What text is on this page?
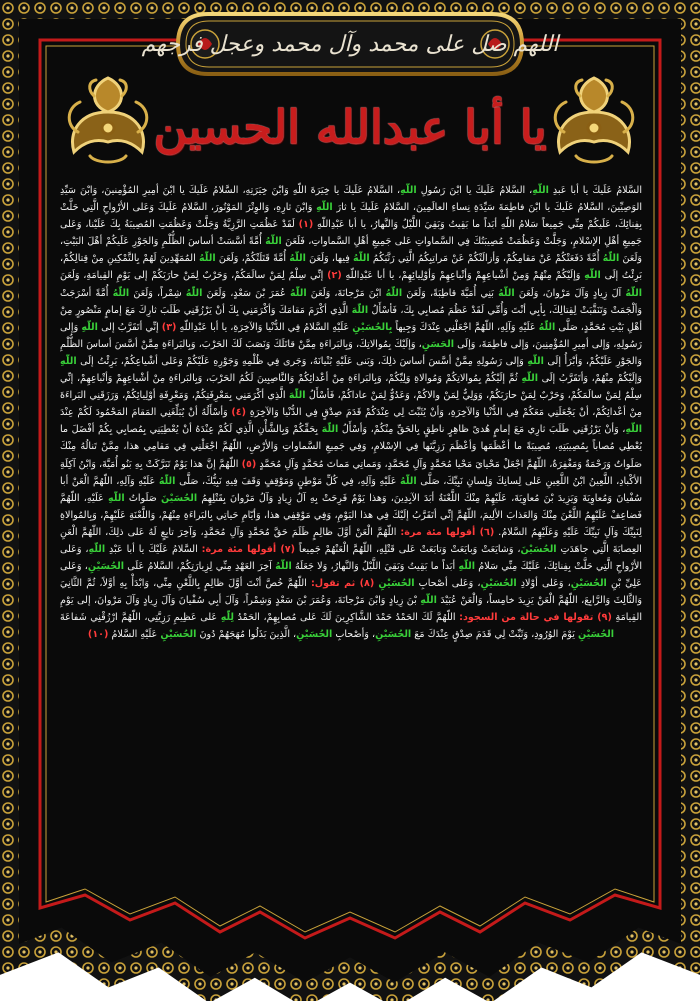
اللهم صل على محمد وآل محمد وعجل فرجهم
يا أبا عبدالله الحسين
السَّلامُ عَلَيكَ يا أبا عَبدِ اللّهِ، السَّلامُ عَلَيكَ يا ابْنَ رَسُولِ اللّهِ، السَّلامُ عَلَيكَ يا خِيَرَةَ اللّهِ وَابْنَ خِيَرَتِهِ، السَّلامُ عَلَيكَ يا ابْنَ أمِيرِ المُؤْمِنينَ، وَابْنَ سَيِّدِ الوَصِيِّينَ، السَّلامُ عَلَيكَ يا ابْنَ فاطِمَةَ سَيِّدَةِ نِساءِ العالَمِينَ، السَّلامُ عَلَيكَ يا ثارَ اللّهِ وَابْنَ ثارِهِ، وَالوِتْرَ المَوْتُورَ، السَّلامُ عَلَيكَ وَعَلى الأرْواحِ الَّتِي حَلَّتْ بِفِنائِكَ، عَلَيكُمْ مِنِّي جَمِيعاً سَلامُ اللّهِ أبَداً ما بَقِيتُ وَبَقِيَ اللَّيْلُ وَالنَّهارُ، يا أبا عَبْدِاللّهِ (١) لَقَدْ عَظُمَتِ الرَّزِيَّةُ وَجَلَّتْ وَعَظُمَتِ المُصِيبَةُ بِكَ عَلَيْنا، وَعَلى جَمِيعِ أهْلِ الإسْلامِ، وَجَلَّتْ وَعَظُمَتْ مُصِيبَتُكَ فِي السَّماواتِ عَلى جَمِيعِ أهْلِ السَّماواتِ، فَلَعَنَ اللّهُ أُمَّةً أسَّسَتْ أساسَ الظُّلْمِ وَالجَوْرِ عَلَيكُمْ أهْلَ البَيْتِ، وَلَعَنَ اللّهُ أُمَّةً دَفَعَتْكُمْ عَنْ مَقامِكُمْ، وَأزالَتْكُمْ عَنْ مَراتِبِكُمُ الَّتِي رَتَّبَكُمُ اللّهُ فِيها، وَلَعَنَ اللّهُ أُمَّةً قَتَلَتْكُمْ، وَلَعَنَ اللّهُ المُمَهِّدِينَ لَهُمْ بِالتَّمْكِينِ مِنْ قِتالِكُمْ، بَرِئْتُ إلَى اللّهِ وَإلَيْكُمْ مِنْهُمْ وَمِنْ أشْياعِهِمْ وَأتْباعِهِمْ وَأوْلِيائِهِمْ، يا أبا عَبْدِاللّهِ (٢) إنِّي سِلْمٌ لِمَنْ سالَمَكُمْ، وَحَرْبٌ لِمَنْ حارَبَكُمْ إلى يَوْمِ القِيامَةِ، وَلَعَنَ اللّهُ آلَ زِيادٍ وَآلَ مَرْوانَ، وَلَعَنَ اللّهُ بَنِي أُمَيَّةَ قاطِبَةً، وَلَعَنَ اللّهُ ابْنَ مَرْجانَةَ، وَلَعَنَ اللّهُ عُمَرَ بْنَ سَعْدٍ، وَلَعَنَ اللّهُ شِمْراً، وَلَعَنَ اللّهُ أُمَّةً أسْرَجَتْ وَألْجَمَتْ وَتَنَقَّبَتْ لِقِتالِكَ، بِأبِي أنْتَ وَأُمِّي لَقَدْ عَظُمَ مُصابِي بِكَ، فَأسْأَلُ اللّهَ الَّذِي أكْرَمَ مَقامَكَ وَأكْرَمَنِي بِكَ أنْ يَرْزُقَنِي طَلَبَ ثارِكَ مَعَ إمامٍ مَنْصُورٍ مِنْ أهْلِ بَيْتِ مُحَمَّدٍ، صَلَّى اللّهُ عَلَيْهِ وَآلِهِ، اللّهُمَّ اجْعَلْنِي عِنْدَكَ وَجِيهاً بِالحُسَيْنِ عَلَيْهِ السَّلامُ فِي الدُّنْيا وَالآخِرَةِ، يا أبا عَبْدِاللّهِ (٣) إنِّي أتَقَرَّبُ إلى اللّهِ وَإلى رَسُولِهِ، وَإلى أمِيرِ المُؤْمِنِينَ، وَإلى فاطِمَةَ، وَإلَى الحَسَنِ، وَإلَيْكَ بِمُوالاتِكَ، وَبِالبَراءَةِ مِمَّنْ قاتَلَكَ وَنَصَبَ لَكَ الحَرْبَ، وَبِالبَراءَةِ مِمَّنْ أسَّسَ أساسَ الظُّلْمِ وَالجَوْرِ عَلَيْكُمْ، وَأبْرَأُ إلَى اللّهِ وَإلى رَسُولِهِ مِمَّنْ أسَّسَ أساسَ ذلِكَ، وَبَنى عَلَيْهِ بُنْيانَهُ، وَجَرى فِي ظُلْمِهِ وَجَوْرِهِ عَلَيْكُمْ وَعَلى أشْياعِكُمْ، بَرِئْتُ إلَى اللّهِ وَإلَيْكُمْ مِنْهُمْ، وَأتَقَرَّبُ إلَى اللّهِ ثُمَّ إلَيْكُمْ بِمُوالاتِكُمْ وَمُوالاةِ وَلِيِّكُمْ، وَبِالبَراءَةِ مِنْ أعْدائِكُمْ وَالنَّاصِبِينَ لَكُمُ الحَرْبَ، وَبِالبَراءَةِ مِنْ أشْياعِهِمْ وَأتْباعِهِمْ، إنِّي سِلْمٌ لِمَنْ سالَمَكُمْ، وَحَرْبٌ لِمَنْ حارَبَكُمْ، وَوَلِيٌّ لِمَنْ والاكُمْ، وَعَدُوٌّ لِمَنْ عاداكُمْ، فَأسْأَلُ اللّهَ الَّذِي أكْرَمَنِي بِمَعْرِفَتِكُمْ، وَمَعْرِفَةِ أوْلِيائِكُمْ، وَرَزَقَنِي البَراءَةَ مِنْ أعْدائِكُمْ، أنْ يَجْعَلَنِي مَعَكُمْ فِي الدُّنْيا وَالآخِرَةِ، وَأنْ يُثَبِّتَ لِي عِنْدَكُمْ قَدَمَ صِدْقٍ فِي الدُّنْيا وَالآخِرَةِ (٤) وَأسْأَلُهُ أنْ يُبَلِّغَنِي المَقامَ المَحْمُودَ لَكُمْ عِنْدَ اللّهِ، وَأنْ يَرْزُقَنِي طَلَبَ ثارِي مَعَ إمامٍ هُدىً ظاهِرٍ ناطِقٍ بِالحَقِّ مِنْكُمْ، وَأسْأَلُ اللّهَ بِحَقِّكُمْ وَبِالشَّأْنِ الَّذِي لَكُمْ عِنْدَهُ أنْ يُعْطِيَنِي بِمُصابِي بِكُمْ أفْضَلَ ما يُعْطِي مُصاباً بِمُصِيبَتِهِ، مُصِيبَةً ما أعْظَمَها وَأعْظَمَ رَزِيَّتَها فِي الإسْلامِ، وَفِي جَمِيعِ السَّماواتِ وَالأرْضِ، اللّهُمَّ اجْعَلْنِي فِي مَقامِي هذا، مِمَّنْ تَنالُهُ مِنْكَ صَلَواتٌ وَرَحْمَةٌ وَمَغْفِرَةٌ، اللّهُمَّ اجْعَلْ مَحْيايَ مَحْيا مُحَمَّدٍ وَآلِ مُحَمَّدٍ، وَمَماتِي مَماتَ مُحَمَّدٍ وَآلِ مُحَمَّدٍ (٥) اللّهُمَّ إنَّ هذا يَوْمٌ تَبَرَّكَتْ بِهِ بَنُو أُمَيَّةَ، وَابْنُ آكِلَةِ الأكْبادِ، اللَّعِينُ ابْنُ اللَّعِينِ عَلى لِسانِكَ وَلِسانِ نَبِيِّكَ، صَلَّى اللّهُ عَلَيْهِ وَآلِهِ، فِي كُلِّ مَوْطِنٍ وَمَوْقِفٍ وَقَفَ فِيهِ نَبِيُّكَ، صَلَّى اللّهُ عَلَيْهِ وَآلِهِ، اللّهُمَّ الْعَنْ أبا سُفْيانَ وَمُعاوِيَةَ وَيَزِيدَ بْنَ مُعاوِيَةَ، عَلَيْهِمْ مِنْكَ اللَّعْنَةُ أبَدَ الآبِدِينَ، وَهذا يَوْمٌ فَرِحَتْ بِهِ آلُ زِيادٍ وَآلُ مَرْوانَ بِقَتْلِهِمُ الحُسَيْنَ صَلَواتُ اللّهِ عَلَيْهِ، اللّهُمَّ فَضاعِفْ عَلَيْهِمُ اللَّعْنَ مِنْكَ وَالعَذابَ الألِيمَ، اللّهُمَّ إنِّي أتَقَرَّبُ إلَيْكَ فِي هذا اليَوْمِ، وَفِي مَوْقِفِي هذا، وَأيّامِ حَياتِي بِالبَراءَةِ مِنْهُمْ، وَاللَّعْنَةِ عَلَيْهِمْ، وَبِالمُوالاةِ لِنَبِيِّكَ وَآلِ نَبِيِّكَ عَلَيْهِ وَعَلَيْهِمُ السَّلامُ. (٦) أقولها مئة مرة: اللّهُمَّ الْعَنْ أوَّلَ ظالِمٍ ظَلَمَ حَقَّ مُحَمَّدٍ وَآلِ مُحَمَّدٍ، وَآخِرَ تابِعٍ لَهُ عَلى ذلِكَ، اللّهُمَّ الْعَنِ العِصابَةَ الَّتِي جاهَدَتِ الحُسَيْنَ، وَشايَعَتْ وَبايَعَتْ وَتابَعَتْ عَلى قَتْلِهِ، اللّهُمَّ الْعَنْهُمْ جَمِيعاً (٧) أقولها مئة مرة: السَّلامُ عَلَيْكَ يا أبا عَبْدِ اللّهِ، وَعَلى الأرْواحِ الَّتِي حَلَّتْ بِفِنائِكَ، عَلَيْكَ مِنِّي سَلامُ اللّهِ أبَداً ما بَقِيتُ وَبَقِيَ اللَّيْلُ وَالنَّهارُ، وَلا جَعَلَهُ اللّهُ آخِرَ العَهْدِ مِنِّي لِزِيارَتِكُمْ، السَّلامُ عَلَى الحُسَيْنِ، وَعَلى عَلِيِّ بْنِ الحُسَيْنِ، وَعَلى أوْلادِ الحُسَيْنِ، وَعَلى أصْحابِ الحُسَيْنِ (٨) ثم تقول: اللّهُمَّ خُصَّ أنْتَ أوَّلَ ظالِمٍ بِاللَّعْنِ مِنِّي، وَابْدَأْ بِهِ أوَّلاً، ثُمَّ الثَّانِيَ وَالثَّالِثَ وَالرَّابِعَ، اللّهُمَّ الْعَنْ يَزِيدَ خامِساً، وَالْعَنْ عُبَيْدَ اللّهِ بْنَ زِيادٍ وَابْنَ مَرْجانَةَ، وَعُمَرَ بْنَ سَعْدٍ وَشِمْراً، وَآلَ أبِي سُفْيانَ وَآلَ زِيادٍ وَآلَ مَرْوانَ، إلى يَوْمِ القِيامَةِ (٩) تقولها في حالة من السجود: اللّهُمَّ لَكَ الحَمْدُ حَمْدَ الشَّاكِرِينَ لَكَ عَلى مُصابِهِمْ، الحَمْدُ لِلّهِ عَلى عَظِيمِ رَزِيَّتِي، اللّهُمَّ ارْزُقْنِي شَفاعَةَ الحُسَيْنِ يَوْمَ الوُرُودِ، وَثَبِّتْ لِي قَدَمَ صِدْقٍ عِنْدَكَ مَعَ الحُسَيْنِ، وَأصْحابِ الحُسَيْنِ، الَّذِينَ بَذَلُوا مُهَجَهُمْ دُونَ الحُسَيْنِ عَلَيْهِ السَّلامُ (١٠)
